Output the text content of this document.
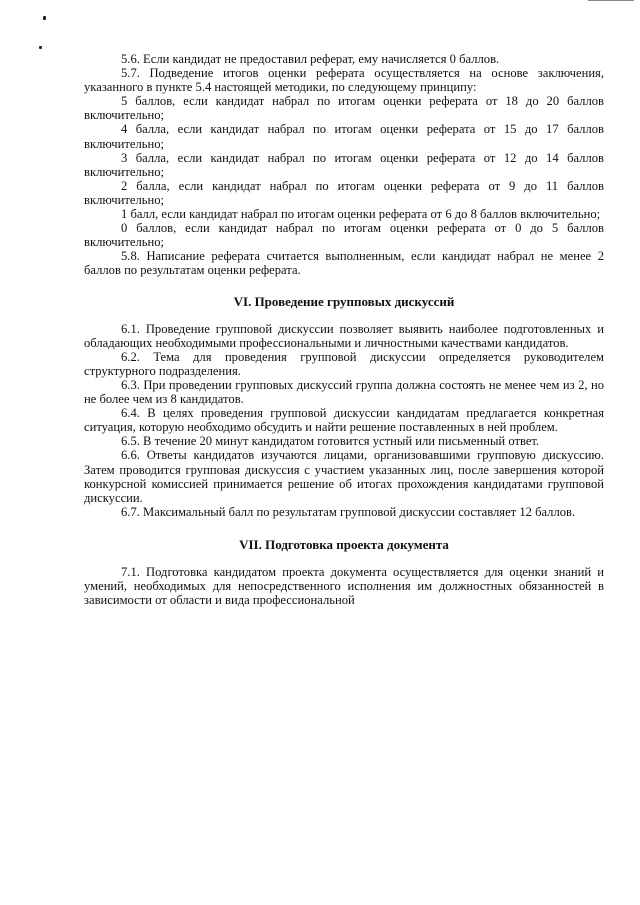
5.6. Если кандидат не предоставил реферат, ему начисляется 0 баллов.

5.7. Подведение итогов оценки реферата осуществляется на основе заключения, указанного в пункте 5.4 настоящей методики, по следующему принципу:

5 баллов, если кандидат набрал по итогам оценки реферата от 18 до 20 баллов включительно;

4 балла, если кандидат набрал по итогам оценки реферата от 15 до 17 баллов включительно;

3 балла, если кандидат набрал по итогам оценки реферата от 12 до 14 баллов включительно;

2 балла, если кандидат набрал по итогам оценки реферата от 9 до 11 баллов включительно;

1 балл, если кандидат набрал по итогам оценки реферата от 6 до 8 баллов включительно;

0 баллов, если кандидат набрал по итогам оценки реферата от 0 до 5 баллов включительно;

5.8. Написание реферата считается выполненным, если кандидат набрал не менее 2 баллов по результатам оценки реферата.

VI. Проведение групповых дискуссий

6.1. Проведение групповой дискуссии позволяет выявить наиболее подготовленных и обладающих необходимыми профессиональными и личностными качествами кандидатов.

6.2. Тема для проведения групповой дискуссии определяется руководителем структурного подразделения.

6.3. При проведении групповых дискуссий группа должна состоять не менее чем из 2, но не более чем из 8 кандидатов.

6.4. В целях проведения групповой дискуссии кандидатам предлагается конкретная ситуация, которую необходимо обсудить и найти решение поставленных в ней проблем.

6.5. В течение 20 минут кандидатом готовится устный или письменный ответ.

6.6. Ответы кандидатов изучаются лицами, организовавшими групповую дискуссию. Затем проводится групповая дискуссия с участием указанных лиц, после завершения которой конкурсной комиссией принимается решение об итогах прохождения кандидатами групповой дискуссии.

6.7. Максимальный балл по результатам групповой дискуссии составляет 12 баллов.

VII. Подготовка проекта документа

7.1. Подготовка кандидатом проекта документа осуществляется для оценки знаний и умений, необходимых для непосредственного исполнения им должностных обязанностей в зависимости от области и вида профессиональной
